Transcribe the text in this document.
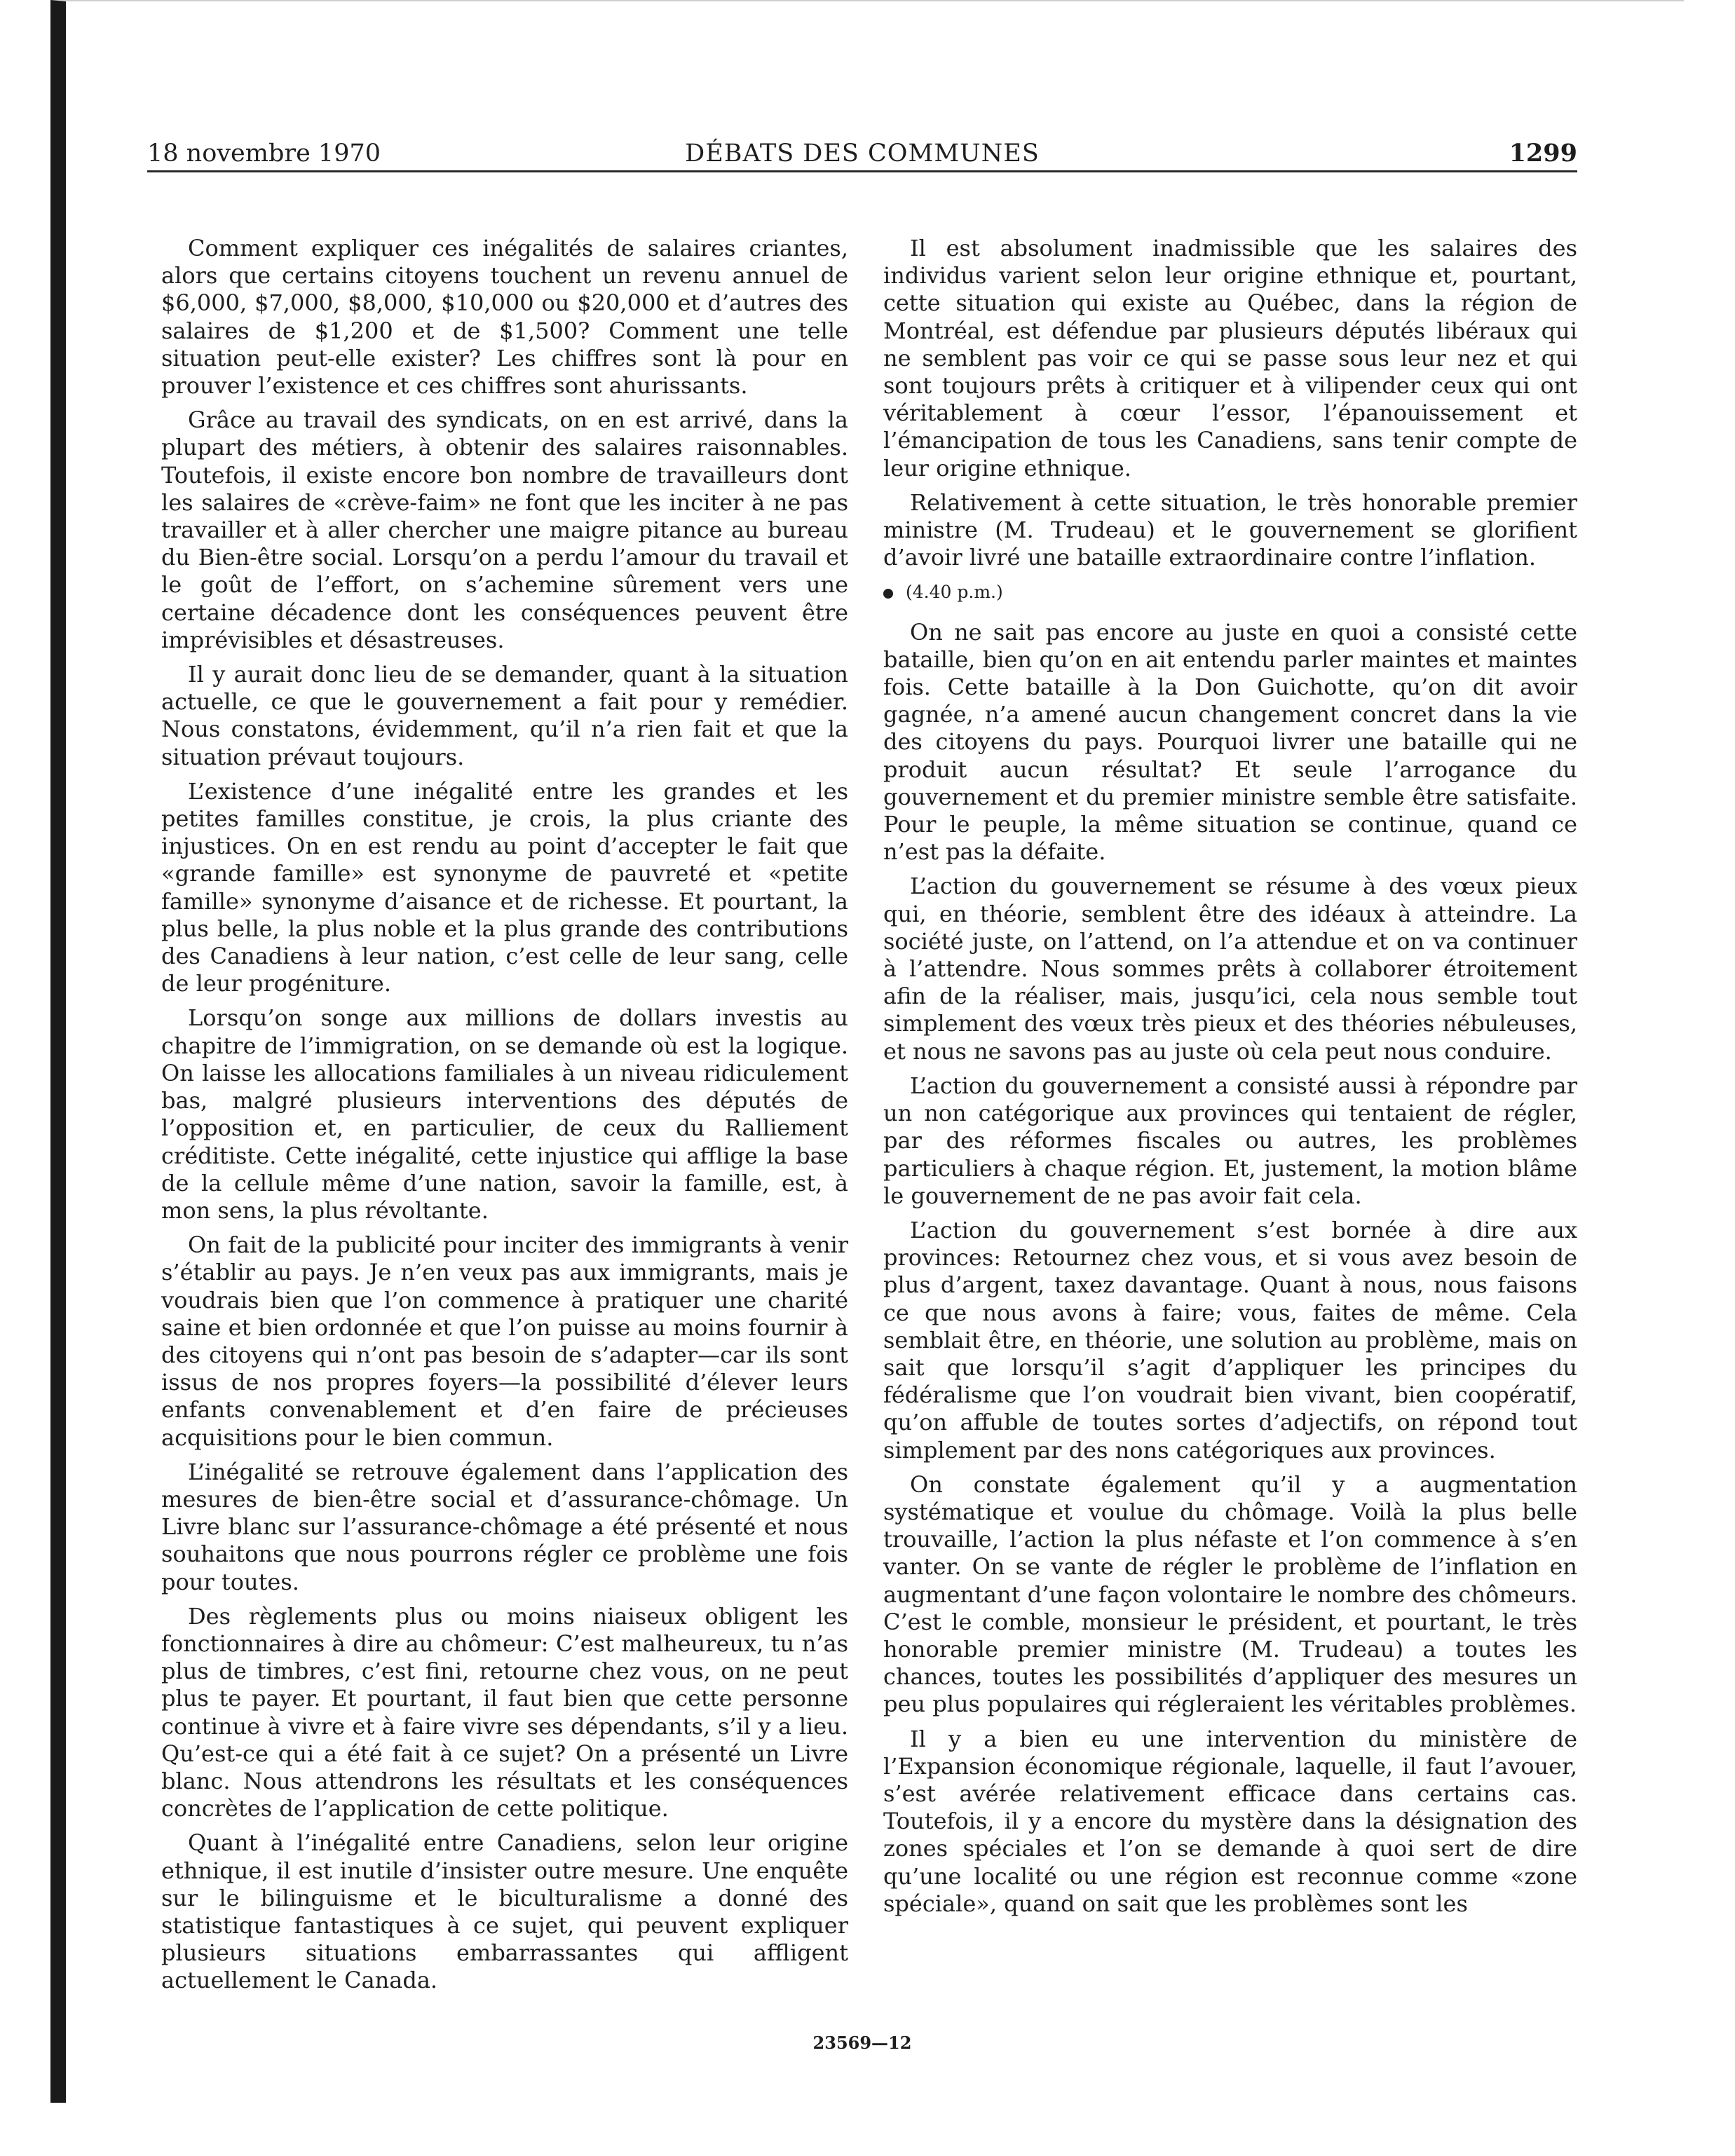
18 novembre 1970	DÉBATS DES COMMUNES	1299

Comment expliquer ces inégalités de salaires criantes, alors que certains citoyens touchent un revenu annuel de $6,000, $7,000, $8,000, $10,000 ou $20,000 et d’autres des salaires de $1,200 et de $1,500? Comment une telle situation peut-elle exister? Les chiffres sont là pour en prouver l’existence et ces chiffres sont ahurissants.

Grâce au travail des syndicats, on en est arrivé, dans la plupart des métiers, à obtenir des salaires raisonnables. Toutefois, il existe encore bon nombre de travailleurs dont les salaires de «crève-faim» ne font que les inciter à ne pas travailler et à aller chercher une maigre pitance au bureau du Bien-être social. Lorsqu’on a perdu l’amour du travail et le goût de l’effort, on s’achemine sûrement vers une certaine décadence dont les conséquences peuvent être imprévisibles et désastreuses.

Il y aurait donc lieu de se demander, quant à la situation actuelle, ce que le gouvernement a fait pour y remédier. Nous constatons, évidemment, qu’il n’a rien fait et que la situation prévaut toujours.

L’existence d’une inégalité entre les grandes et les petites familles constitue, je crois, la plus criante des injustices. On en est rendu au point d’accepter le fait que «grande famille» est synonyme de pauvreté et «petite famille» synonyme d’aisance et de richesse. Et pourtant, la plus belle, la plus noble et la plus grande des contributions des Canadiens à leur nation, c’est celle de leur sang, celle de leur progéniture.

Lorsqu’on songe aux millions de dollars investis au chapitre de l’immigration, on se demande où est la logique. On laisse les allocations familiales à un niveau ridiculement bas, malgré plusieurs interventions des députés de l’opposition et, en particulier, de ceux du Ralliement créditiste. Cette inégalité, cette injustice qui afflige la base de la cellule même d’une nation, savoir la famille, est, à mon sens, la plus révoltante.

On fait de la publicité pour inciter des immigrants à venir s’établir au pays. Je n’en veux pas aux immigrants, mais je voudrais bien que l’on commence à pratiquer une charité saine et bien ordonnée et que l’on puisse au moins fournir à des citoyens qui n’ont pas besoin de s’adapter—car ils sont issus de nos propres foyers—la possibilité d’élever leurs enfants convenablement et d’en faire de précieuses acquisitions pour le bien commun.

L’inégalité se retrouve également dans l’application des mesures de bien-être social et d’assurance-chômage. Un Livre blanc sur l’assurance-chômage a été présenté et nous souhaitons que nous pourrons régler ce problème une fois pour toutes.

Des règlements plus ou moins niaiseux obligent les fonctionnaires à dire au chômeur: C’est malheureux, tu n’as plus de timbres, c’est fini, retourne chez vous, on ne peut plus te payer. Et pourtant, il faut bien que cette personne continue à vivre et à faire vivre ses dépendants, s’il y a lieu. Qu’est-ce qui a été fait à ce sujet? On a présenté un Livre blanc. Nous attendrons les résultats et les conséquences concrètes de l’application de cette politique.

Quant à l’inégalité entre Canadiens, selon leur origine ethnique, il est inutile d’insister outre mesure. Une enquête sur le bilinguisme et le biculturalisme a donné des statistique fantastiques à ce sujet, qui peuvent expliquer plusieurs situations embarrassantes qui affligent actuellement le Canada.

Il est absolument inadmissible que les salaires des individus varient selon leur origine ethnique et, pourtant, cette situation qui existe au Québec, dans la région de Montréal, est défendue par plusieurs députés libéraux qui ne semblent pas voir ce qui se passe sous leur nez et qui sont toujours prêts à critiquer et à vilipender ceux qui ont véritablement à cœur l’essor, l’épanouissement et l’émancipation de tous les Canadiens, sans tenir compte de leur origine ethnique.

Relativement à cette situation, le très honorable premier ministre (M. Trudeau) et le gouvernement se glorifient d’avoir livré une bataille extraordinaire contre l’inflation.

(4.40 p.m.)

On ne sait pas encore au juste en quoi a consisté cette bataille, bien qu’on en ait entendu parler maintes et maintes fois. Cette bataille à la Don Guichotte, qu’on dit avoir gagnée, n’a amené aucun changement concret dans la vie des citoyens du pays. Pourquoi livrer une bataille qui ne produit aucun résultat? Et seule l’arrogance du gouvernement et du premier ministre semble être satisfaite. Pour le peuple, la même situation se continue, quand ce n’est pas la défaite.

L’action du gouvernement se résume à des vœux pieux qui, en théorie, semblent être des idéaux à atteindre. La société juste, on l’attend, on l’a attendue et on va continuer à l’attendre. Nous sommes prêts à collaborer étroitement afin de la réaliser, mais, jusqu’ici, cela nous semble tout simplement des vœux très pieux et des théories nébuleuses, et nous ne savons pas au juste où cela peut nous conduire.

L’action du gouvernement a consisté aussi à répondre par un non catégorique aux provinces qui tentaient de régler, par des réformes fiscales ou autres, les problèmes particuliers à chaque région. Et, justement, la motion blâme le gouvernement de ne pas avoir fait cela.

L’action du gouvernement s’est bornée à dire aux provinces: Retournez chez vous, et si vous avez besoin de plus d’argent, taxez davantage. Quant à nous, nous faisons ce que nous avons à faire; vous, faites de même. Cela semblait être, en théorie, une solution au problème, mais on sait que lorsqu’il s’agit d’appliquer les principes du fédéralisme que l’on voudrait bien vivant, bien coopératif, qu’on affuble de toutes sortes d’adjectifs, on répond tout simplement par des nons catégoriques aux provinces.

On constate également qu’il y a augmentation systématique et voulue du chômage. Voilà la plus belle trouvaille, l’action la plus néfaste et l’on commence à s’en vanter. On se vante de régler le problème de l’inflation en augmentant d’une façon volontaire le nombre des chômeurs. C’est le comble, monsieur le président, et pourtant, le très honorable premier ministre (M. Trudeau) a toutes les chances, toutes les possibilités d’appliquer des mesures un peu plus populaires qui régleraient les véritables problèmes.

Il y a bien eu une intervention du ministère de l’Expansion économique régionale, laquelle, il faut l’avouer, s’est avérée relativement efficace dans certains cas. Toutefois, il y a encore du mystère dans la désignation des zones spéciales et l’on se demande à quoi sert de dire qu’une localité ou une région est reconnue comme «zone spéciale», quand on sait que les problèmes sont les

23569—12
